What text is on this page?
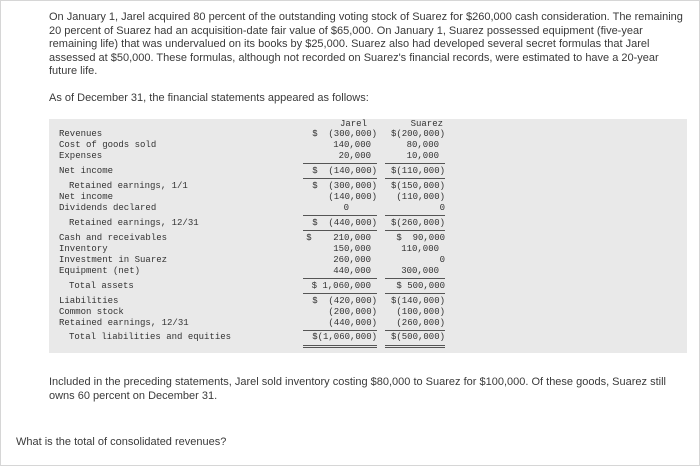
On January 1, Jarel acquired 80 percent of the outstanding voting stock of Suarez for $260,000 cash consideration. The remaining 20 percent of Suarez had an acquisition-date fair value of $65,000. On January 1, Suarez possessed equipment (five-year remaining life) that was undervalued on its books by $25,000. Suarez also had developed several secret formulas that Jarel assessed at $50,000. These formulas, although not recorded on Suarez's financial records, were estimated to have a 20-year future life.

As of December 31, the financial statements appeared as follows:

Jarel	Suarez
Revenues	$  (300,000)	$(200,000)
Cost of goods sold	140,000	80,000
Expenses	20,000	10,000
Net income	$  (140,000)	$(110,000)
Retained earnings, 1/1	$  (300,000)	$(150,000)
Net income	(140,000)	(110,000)
Dividends declared	0	0
Retained earnings, 12/31	$  (440,000)	$(260,000)
Cash and receivables	$    210,000	$  90,000
Inventory	150,000	110,000
Investment in Suarez	260,000	0
Equipment (net)	440,000	300,000
Total assets	$ 1,060,000	$ 500,000
Liabilities	$  (420,000)	$(140,000)
Common stock	(200,000)	(100,000)
Retained earnings, 12/31	(440,000)	(260,000)
Total liabilities and equities	$(1,060,000)	$(500,000)

Included in the preceding statements, Jarel sold inventory costing $80,000 to Suarez for $100,000. Of these goods, Suarez still owns 60 percent on December 31.

What is the total of consolidated revenues?
